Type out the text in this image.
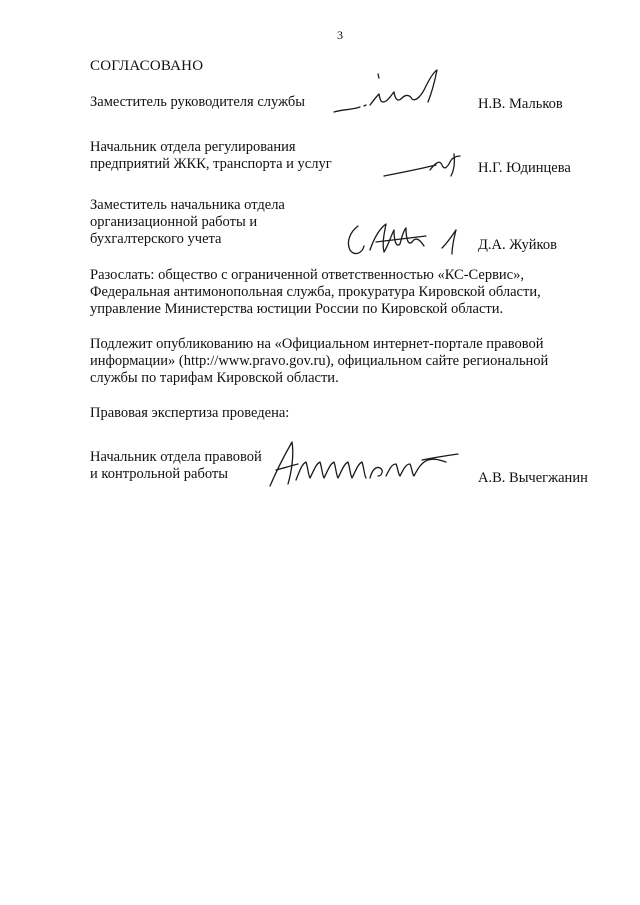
3
СОГЛАСОВАНО
Заместитель руководителя службы	Н.В. Мальков
Начальник отдела регулирования
предприятий ЖКК, транспорта и услуг	Н.Г. Юдинцева
Заместитель начальника отдела
организационной работы и
бухгалтерского учета	Д.А. Жуйков
Разослать: общество с ограниченной ответственностью «КС-Сервис»,
Федеральная антимонопольная служба, прокуратура Кировской области,
управление Министерства юстиции России по Кировской области.
Подлежит опубликованию на «Официальном интернет-портале правовой
информации» (http://www.pravo.gov.ru), официальном сайте региональной
службы по тарифам Кировской области.
Правовая экспертиза проведена:
Начальник отдела правовой
и контрольной работы	А.В. Вычегжанин
